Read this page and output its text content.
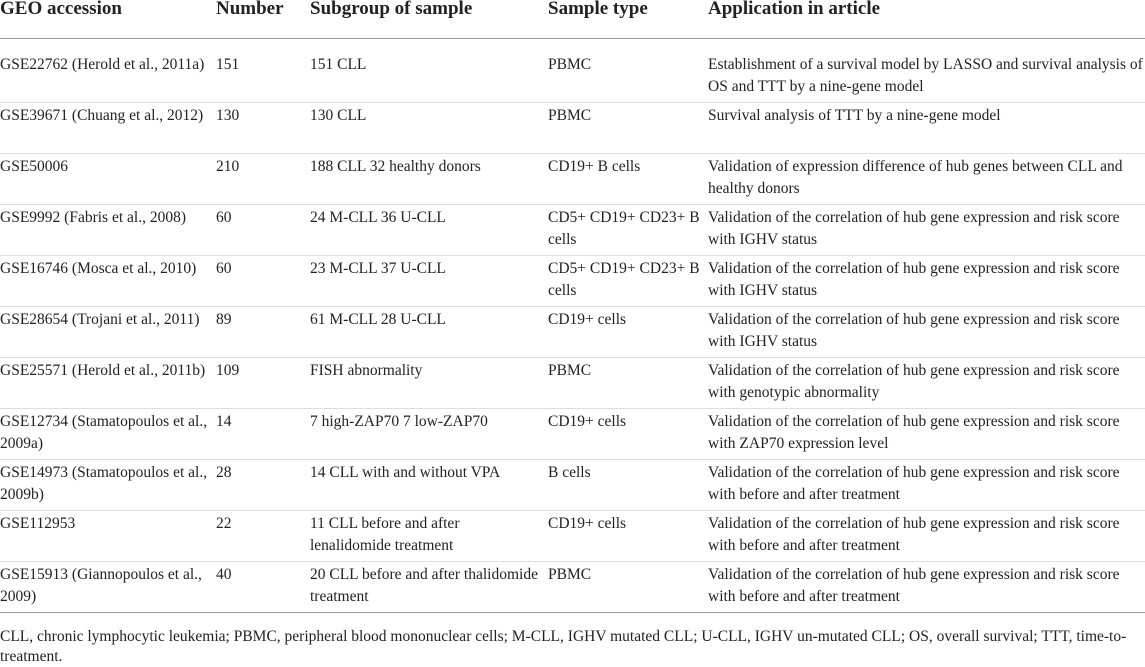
GEO accession	Number	Subgroup of sample	Sample type	Application in article
GSE22762 (Herold et al., 2011a)	151	151 CLL	PBMC	Establishment of a survival model by LASSO and survival analysis of OS and TTT by a nine-gene model
GSE39671 (Chuang et al., 2012)	130	130 CLL	PBMC	Survival analysis of TTT by a nine-gene model
GSE50006	210	188 CLL 32 healthy donors	CD19+ B cells	Validation of expression difference of hub genes between CLL and healthy donors
GSE9992 (Fabris et al., 2008)	60	24 M-CLL 36 U-CLL	CD5+ CD19+ CD23+ B cells	Validation of the correlation of hub gene expression and risk score with IGHV status
GSE16746 (Mosca et al., 2010)	60	23 M-CLL 37 U-CLL	CD5+ CD19+ CD23+ B cells	Validation of the correlation of hub gene expression and risk score with IGHV status
GSE28654 (Trojani et al., 2011)	89	61 M-CLL 28 U-CLL	CD19+ cells	Validation of the correlation of hub gene expression and risk score with IGHV status
GSE25571 (Herold et al., 2011b)	109	FISH abnormality	PBMC	Validation of the correlation of hub gene expression and risk score with genotypic abnormality
GSE12734 (Stamatopoulos et al., 2009a)	14	7 high-ZAP70 7 low-ZAP70	CD19+ cells	Validation of the correlation of hub gene expression and risk score with ZAP70 expression level
GSE14973 (Stamatopoulos et al., 2009b)	28	14 CLL with and without VPA	B cells	Validation of the correlation of hub gene expression and risk score with before and after treatment
GSE112953	22	11 CLL before and after lenalidomide treatment	CD19+ cells	Validation of the correlation of hub gene expression and risk score with before and after treatment
GSE15913 (Giannopoulos et al., 2009)	40	20 CLL before and after thalidomide treatment	PBMC	Validation of the correlation of hub gene expression and risk score with before and after treatment
CLL, chronic lymphocytic leukemia; PBMC, peripheral blood mononuclear cells; M-CLL, IGHV mutated CLL; U-CLL, IGHV un-mutated CLL; OS, overall survival; TTT, time-to-treatment.
